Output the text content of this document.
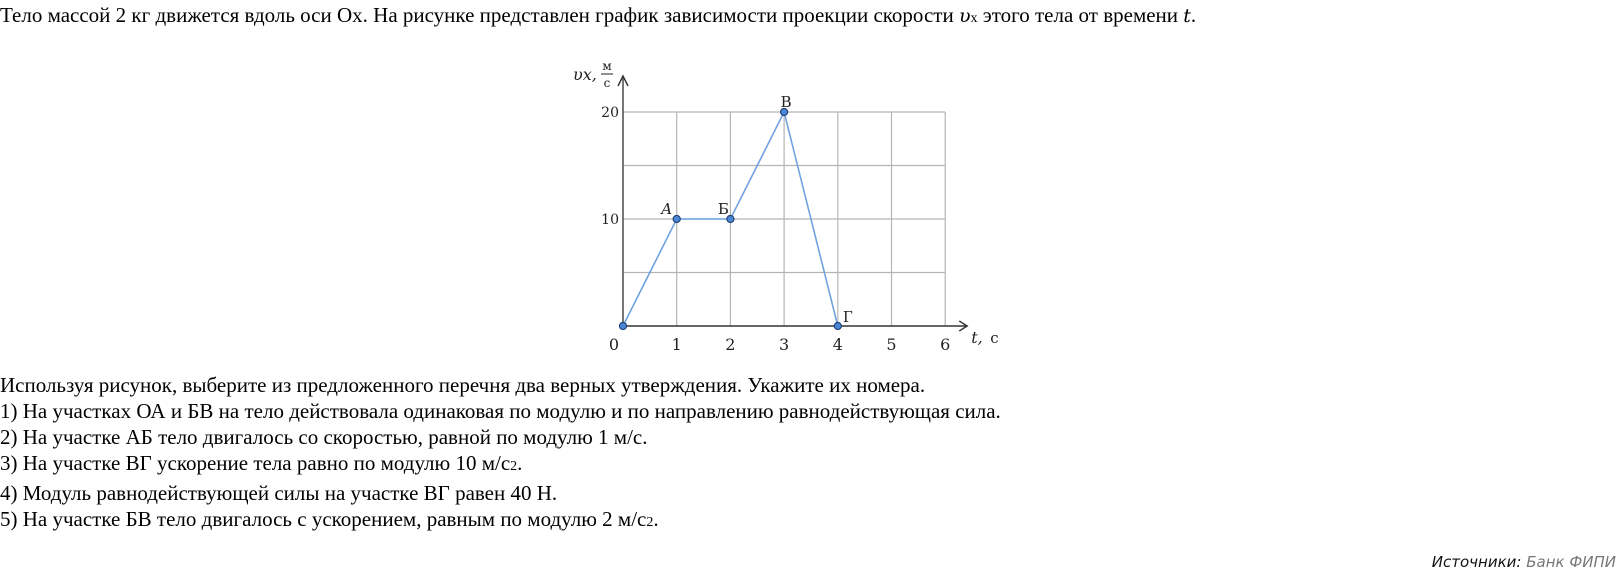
Тело массой 2 кг движется вдоль оси Ох. На рисунке представлен график зависимости проекции скорости υx этого тела от времени t.
0	1	2	3	4	5	6
10
20
υx, м
с
t, с
А	Б
В
Г
Используя рисунок, выберите из предложенного перечня два верных утверждения. Укажите их номера.
1) На участках ОА и БВ на тело действовала одинаковая по модулю и по направлению равнодействующая сила.
2) На участке АБ тело двигалось со скоростью, равной по модулю 1 м/с.
3) На участке ВГ ускорение тела равно по модулю 10 м/с2.
4) Модуль равнодействующей силы на участке ВГ равен 40 Н.
5) На участке БВ тело двигалось с ускорением, равным по модулю 2 м/с2.
Источники: Банк ФИПИ
